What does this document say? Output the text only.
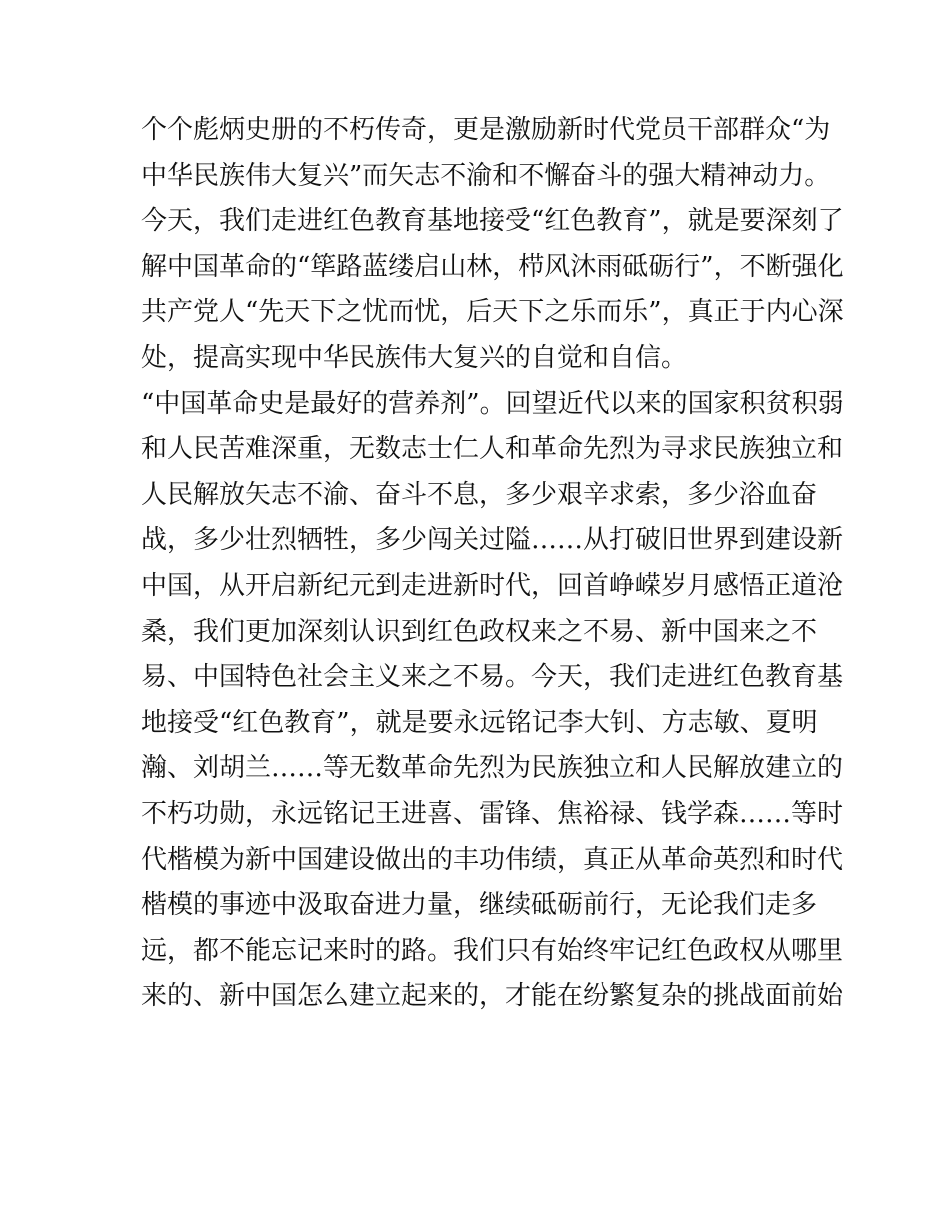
个个彪炳史册的不朽传奇，更是激励新时代党员干部群众“为
中华民族伟大复兴”而矢志不渝和不懈奋斗的强大精神动力。
今天，我们走进红色教育基地接受“红色教育”，就是要深刻了
解中国革命的“筚路蓝缕启山林，栉风沐雨砥砺行”，不断强化
共产党人“先天下之忧而忧，后天下之乐而乐”，真正于内心深
处，提高实现中华民族伟大复兴的自觉和自信。
“中国革命史是最好的营养剂”。回望近代以来的国家积贫积弱
和人民苦难深重，无数志士仁人和革命先烈为寻求民族独立和
人民解放矢志不渝、奋斗不息，多少艰辛求索，多少浴血奋
战，多少壮烈牺牲，多少闯关过隘……从打破旧世界到建设新
中国，从开启新纪元到走进新时代，回首峥嵘岁月感悟正道沧
桑，我们更加深刻认识到红色政权来之不易、新中国来之不
易、中国特色社会主义来之不易。今天，我们走进红色教育基
地接受“红色教育”，就是要永远铭记李大钊、方志敏、夏明
瀚、刘胡兰……等无数革命先烈为民族独立和人民解放建立的
不朽功勋，永远铭记王进喜、雷锋、焦裕禄、钱学森……等时
代楷模为新中国建设做出的丰功伟绩，真正从革命英烈和时代
楷模的事迹中汲取奋进力量，继续砥砺前行，无论我们走多
远，都不能忘记来时的路。我们只有始终牢记红色政权从哪里
来的、新中国怎么建立起来的，才能在纷繁复杂的挑战面前始
